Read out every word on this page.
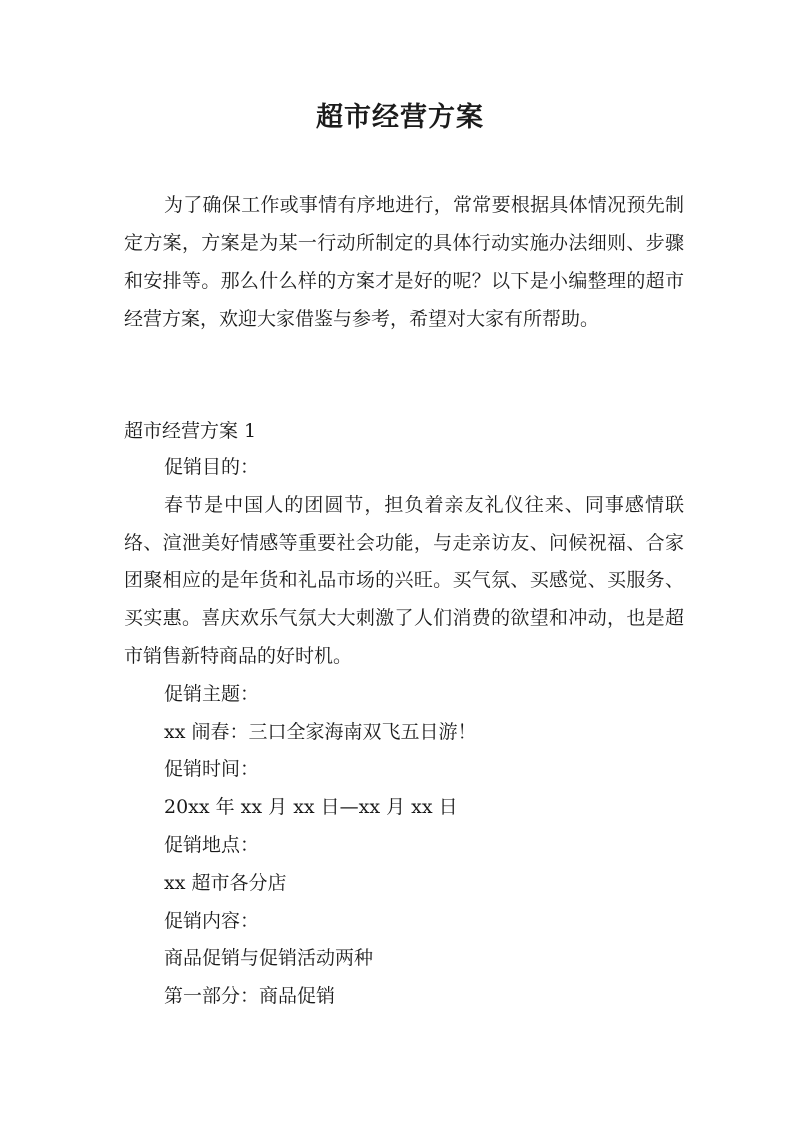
超市经营方案

为了确保工作或事情有序地进行，常常要根据具体情况预先制定方案，方案是为某一行动所制定的具体行动实施办法细则、步骤和安排等。那么什么样的方案才是好的呢？以下是小编整理的超市经营方案，欢迎大家借鉴与参考，希望对大家有所帮助。

超市经营方案 1

促销目的：

春节是中国人的团圆节，担负着亲友礼仪往来、同事感情联络、渲泄美好情感等重要社会功能，与走亲访友、问候祝福、合家团聚相应的是年货和礼品市场的兴旺。买气氛、买感觉、买服务、买实惠。喜庆欢乐气氛大大刺激了人们消费的欲望和冲动，也是超市销售新特商品的好时机。

促销主题：

xx 闹春：三口全家海南双飞五日游！

促销时间：

20xx 年 xx 月 xx 日—xx 月 xx 日

促销地点：

xx 超市各分店

促销内容：

商品促销与促销活动两种

第一部分：商品促销
